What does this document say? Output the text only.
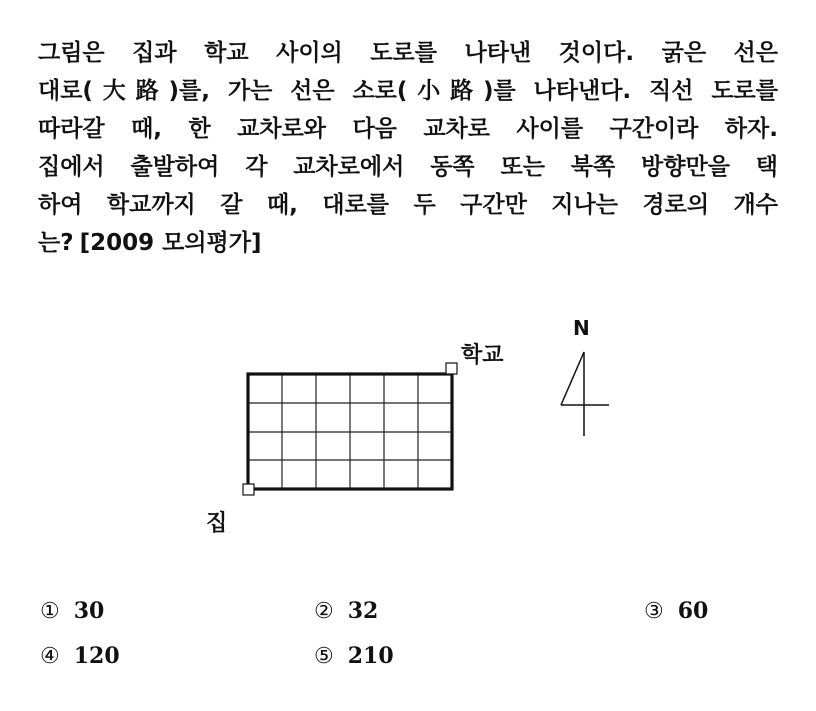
그림은 집과 학교 사이의 도로를 나타낸 것이다. 굵은 선은
대로(大路)를, 가는 선은 소로(小路)를 나타낸다. 직선 도로를
따라갈 때, 한 교차로와 다음 교차로 사이를 구간이라 하자.
집에서 출발하여 각 교차로에서 동쪽 또는 북쪽 방향만을 택
하여 학교까지 갈 때, 대로를 두 구간만 지나는 경로의 개수
는? [2009 모의평가]
학교
집
N
① 30	② 32	③ 60
④ 120	⑤ 210
